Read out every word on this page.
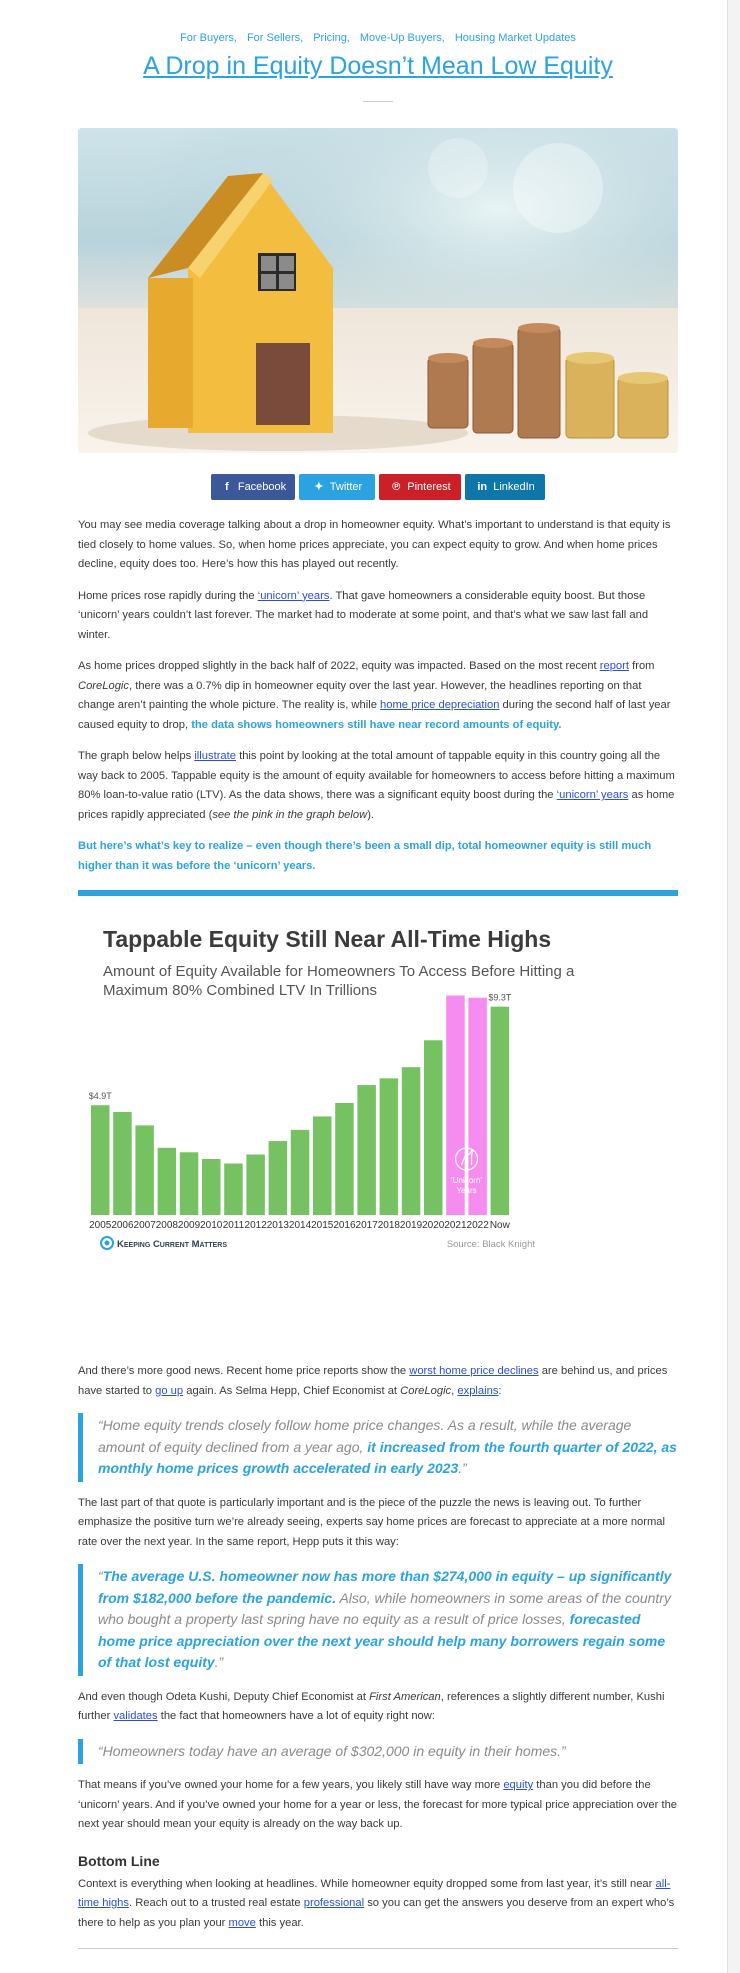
For Buyers, For Sellers, Pricing, Move-Up Buyers, Housing Market Updates
A Drop in Equity Doesn’t Mean Low Equity
f Facebook	✦ Twitter	℗ Pinterest in LinkedIn

You may see media coverage talking about a drop in homeowner equity. What’s important to understand is that equity is tied closely to home values. So, when home prices appreciate, you can expect equity to grow. And when home prices decline, equity does too. Here’s how this has played out recently.

Home prices rose rapidly during the ‘unicorn’ years. That gave homeowners a considerable equity boost. But those ‘unicorn’ years couldn’t last forever. The market had to moderate at some point, and that’s what we saw last fall and winter.

As home prices dropped slightly in the back half of 2022, equity was impacted. Based on the most recent report from CoreLogic, there was a 0.7% dip in homeowner equity over the last year. However, the headlines reporting on that change aren’t painting the whole picture. The reality is, while home price depreciation during the second half of last year caused equity to drop, the data shows homeowners still have near record amounts of equity.

The graph below helps illustrate this point by looking at the total amount of tappable equity in this country going all the way back to 2005. Tappable equity is the amount of equity available for homeowners to access before hitting a maximum 80% loan-to-value ratio (LTV). As the data shows, there was a significant equity boost during the ‘unicorn’ years as home prices rapidly appreciated (see the pink in the graph below).

But here’s what’s key to realize – even though there’s been a small dip, total homeowner equity is still much higher than it was before the ‘unicorn’ years.

Tappable Equity Still Near All-Time Highs
Amount of Equity Available for Homeowners To Access Before Hitting a Maximum 80% Combined LTV In Trillions
2005
$4.9T
2006 2007 2008 2009 2010 2011 2012 2013 2014 2015 2016 2017 2018 2019 2020 2021 2022 Now
$9.3T
‘Unicorn’
Years
Keeping Current Matters	Source: Black Knight

And there’s more good news. Recent home price reports show the worst home price declines are behind us, and prices have started to go up again. As Selma Hepp, Chief Economist at CoreLogic, explains:

“Home equity trends closely follow home price changes. As a result, while the average amount of equity declined from a year ago, it increased from the fourth quarter of 2022, as monthly home prices growth accelerated in early 2023.”

The last part of that quote is particularly important and is the piece of the puzzle the news is leaving out. To further emphasize the positive turn we’re already seeing, experts say home prices are forecast to appreciate at a more normal rate over the next year. In the same report, Hepp puts it this way:

“The average U.S. homeowner now has more than $274,000 in equity – up significantly from $182,000 before the pandemic. Also, while homeowners in some areas of the country who bought a property last spring have no equity as a result of price losses, forecasted home price appreciation over the next year should help many borrowers regain some of that lost equity.”

And even though Odeta Kushi, Deputy Chief Economist at First American, references a slightly different number, Kushi further validates the fact that homeowners have a lot of equity right now:

“Homeowners today have an average of $302,000 in equity in their homes.”

That means if you’ve owned your home for a few years, you likely still have way more equity than you did before the ‘unicorn’ years. And if you’ve owned your home for a year or less, the forecast for more typical price appreciation over the next year should mean your equity is already on the way back up.

Bottom Line

Context is everything when looking at headlines. While homeowner equity dropped some from last year, it’s still near all-time highs. Reach out to a trusted real estate professional so you can get the answers you deserve from an expert who’s there to help as you plan your move this year.
